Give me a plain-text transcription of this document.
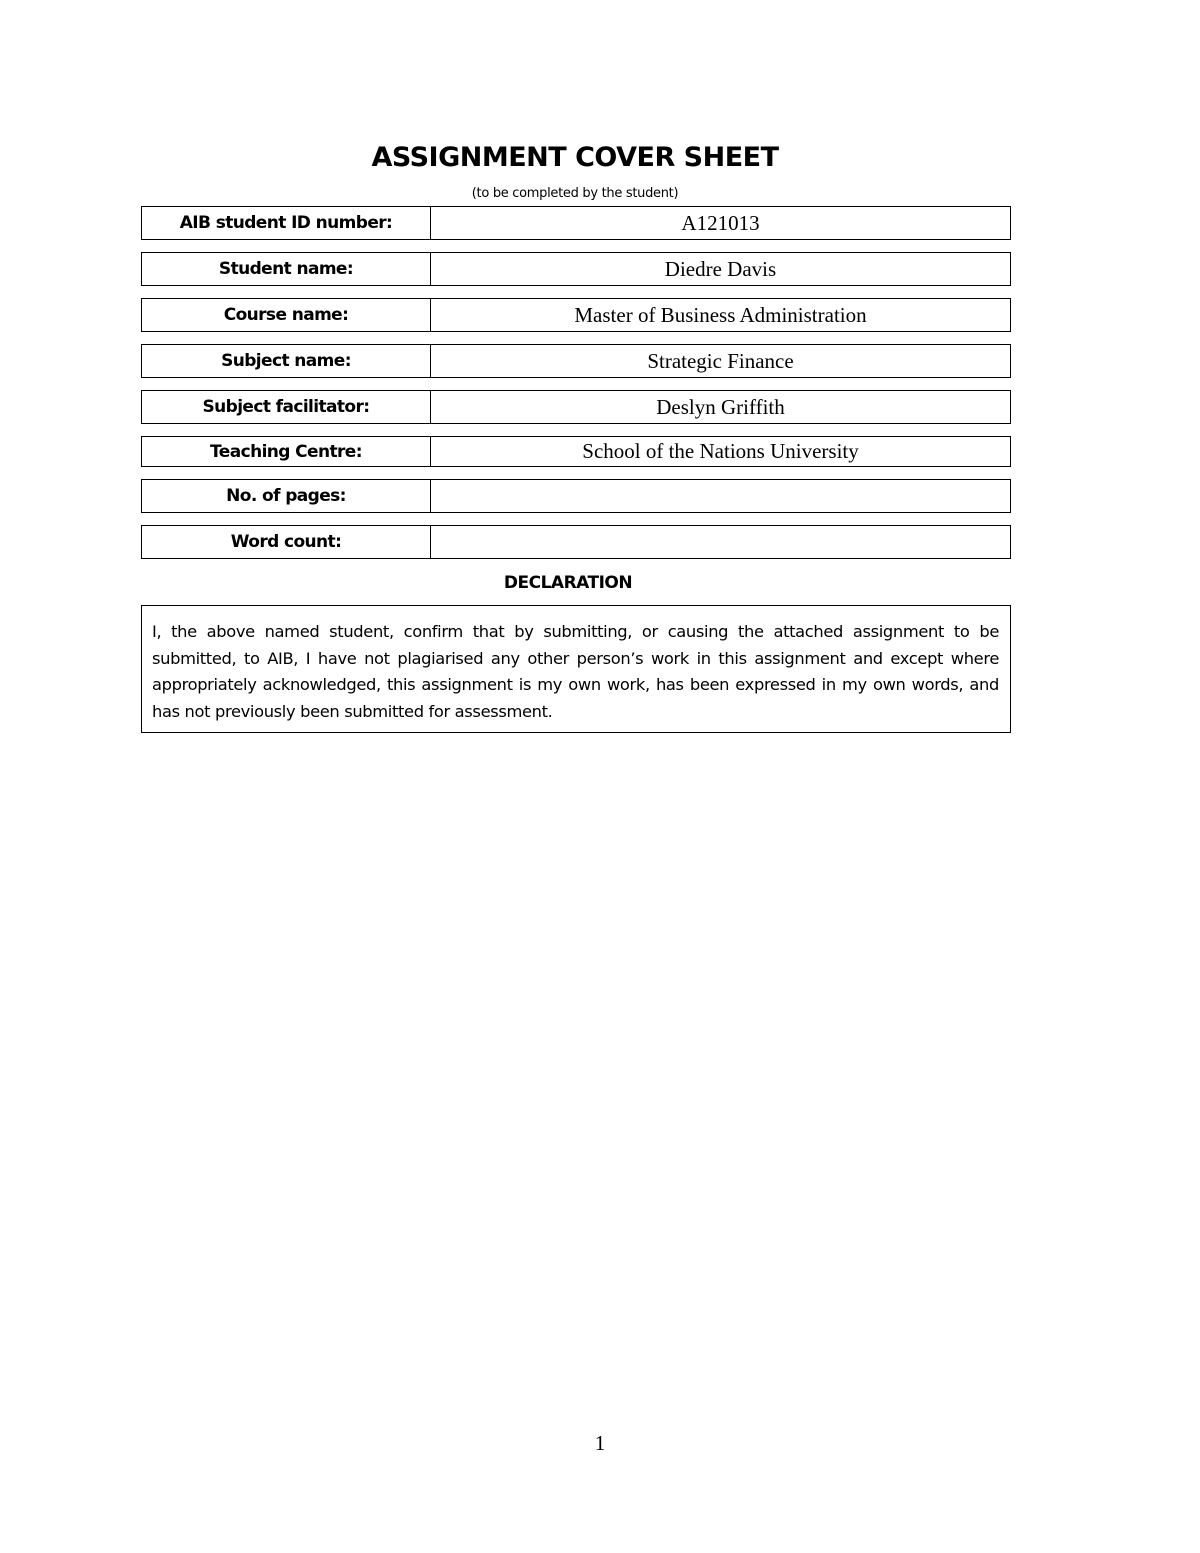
ASSIGNMENT COVER SHEET
(to be completed by the student)
AIB student ID number:	A121013
Student name:	Diedre Davis
Course name:	Master of Business Administration
Subject name:	Strategic Finance
Subject facilitator:	Deslyn Griffith
Teaching Centre:	School of the Nations University
No. of pages:
Word count:
DECLARATION

I, the above named student, confirm that by submitting, or causing the attached assignment to be submitted, to AIB, I have not plagiarised any other person’s work in this assignment and except where appropriately acknowledged, this assignment is my own work, has been expressed in my own words, and has not previously been submitted for assessment.

1
